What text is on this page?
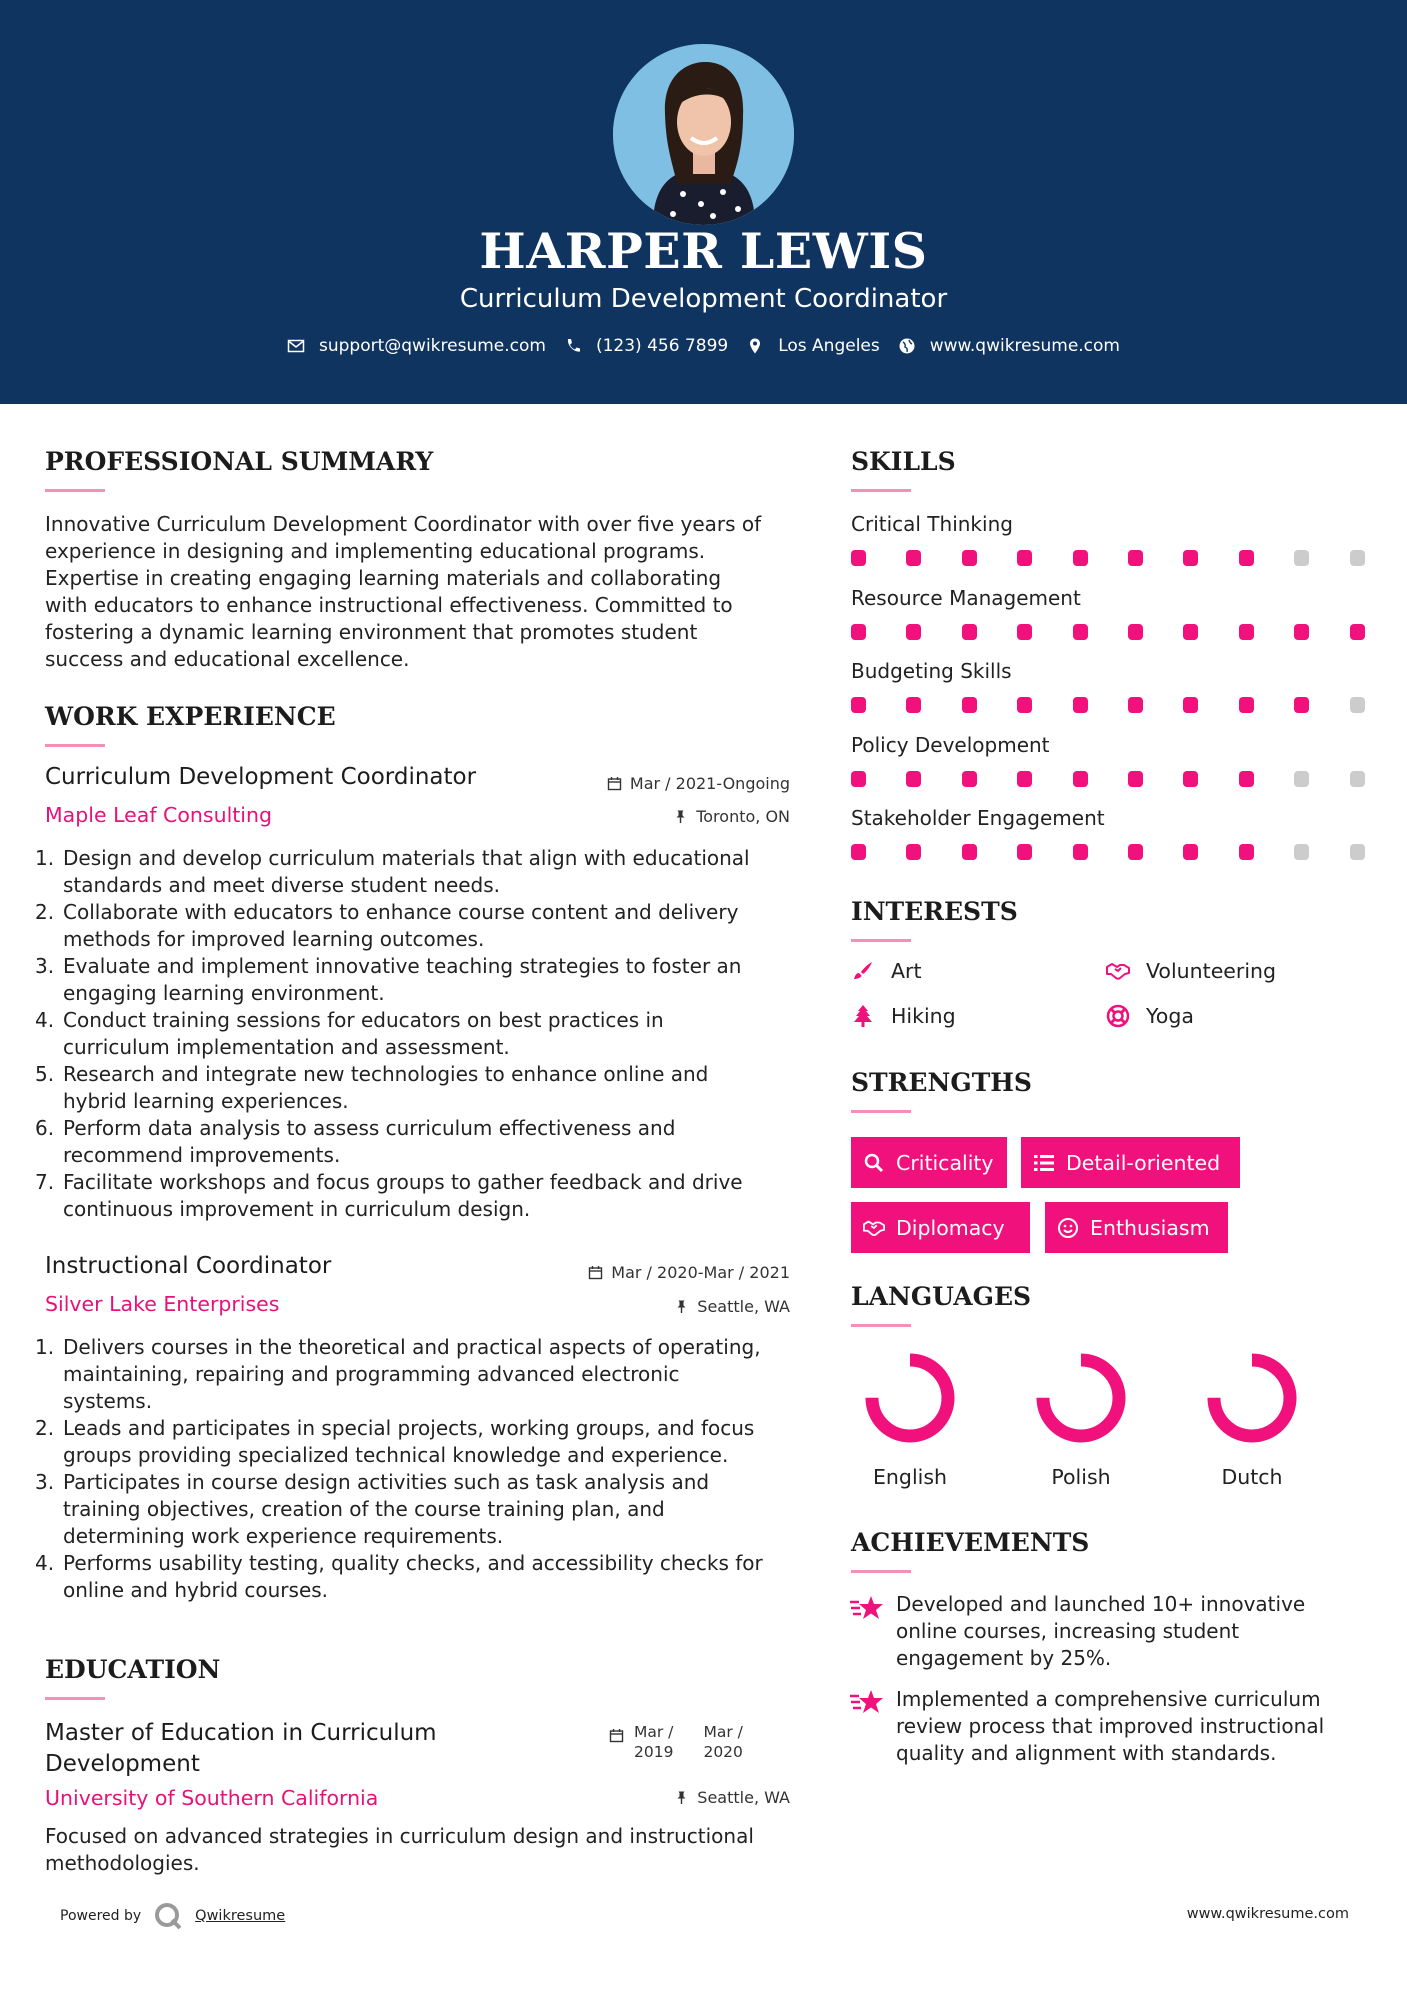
HARPER LEWIS
Curriculum Development Coordinator
support@qwikresume.com	(123) 456 7899	Los Angeles	www.qwikresume.com
PROFESSIONAL SUMMARY
Innovative Curriculum Development Coordinator with over five years of
experience in designing and implementing educational programs.
Expertise in creating engaging learning materials and collaborating
with educators to enhance instructional effectiveness. Committed to
fostering a dynamic learning environment that promotes student
success and educational excellence.
WORK EXPERIENCE
Curriculum Development Coordinator
Maple Leaf Consulting
Mar / 2021-Ongoing
Toronto, ON
1. Design and develop curriculum materials that align with educational
standards and meet diverse student needs.
2. Collaborate with educators to enhance course content and delivery
methods for improved learning outcomes.
3. Evaluate and implement innovative teaching strategies to foster an
engaging learning environment.
4. Conduct training sessions for educators on best practices in
curriculum implementation and assessment.
5. Research and integrate new technologies to enhance online and
hybrid learning experiences.
6. Perform data analysis to assess curriculum effectiveness and
recommend improvements.
7. Facilitate workshops and focus groups to gather feedback and drive
continuous improvement in curriculum design.
Instructional Coordinator
Silver Lake Enterprises
Mar / 2020-Mar / 2021
Seattle, WA
1. Delivers courses in the theoretical and practical aspects of operating,
maintaining, repairing and programming advanced electronic
systems.
2. Leads and participates in special projects, working groups, and focus
groups providing specialized technical knowledge and experience.
3. Participates in course design activities such as task analysis and
training objectives, creation of the course training plan, and
determining work experience requirements.
4. Performs usability testing, quality checks, and accessibility checks for
online and hybrid courses.
EDUCATION
Master of Education in Curriculum
Development
Mar /
2019
Mar /
2020
University of Southern California	Seattle, WA
Focused on advanced strategies in curriculum design and instructional
methodologies.
SKILLS
Critical Thinking
Resource Management
Budgeting Skills
Policy Development
Stakeholder Engagement
INTERESTS
Art	Volunteering
Hiking	Yoga
STRENGTHS
Criticality	Detail-oriented
Diplomacy	Enthusiasm
LANGUAGES
English	Polish	Dutch
ACHIEVEMENTS
Developed and launched 10+ innovative
online courses, increasing student
engagement by 25%.
Implemented a comprehensive curriculum
review process that improved instructional
quality and alignment with standards.
Powered by	Qwikresume	www.qwikresume.com
